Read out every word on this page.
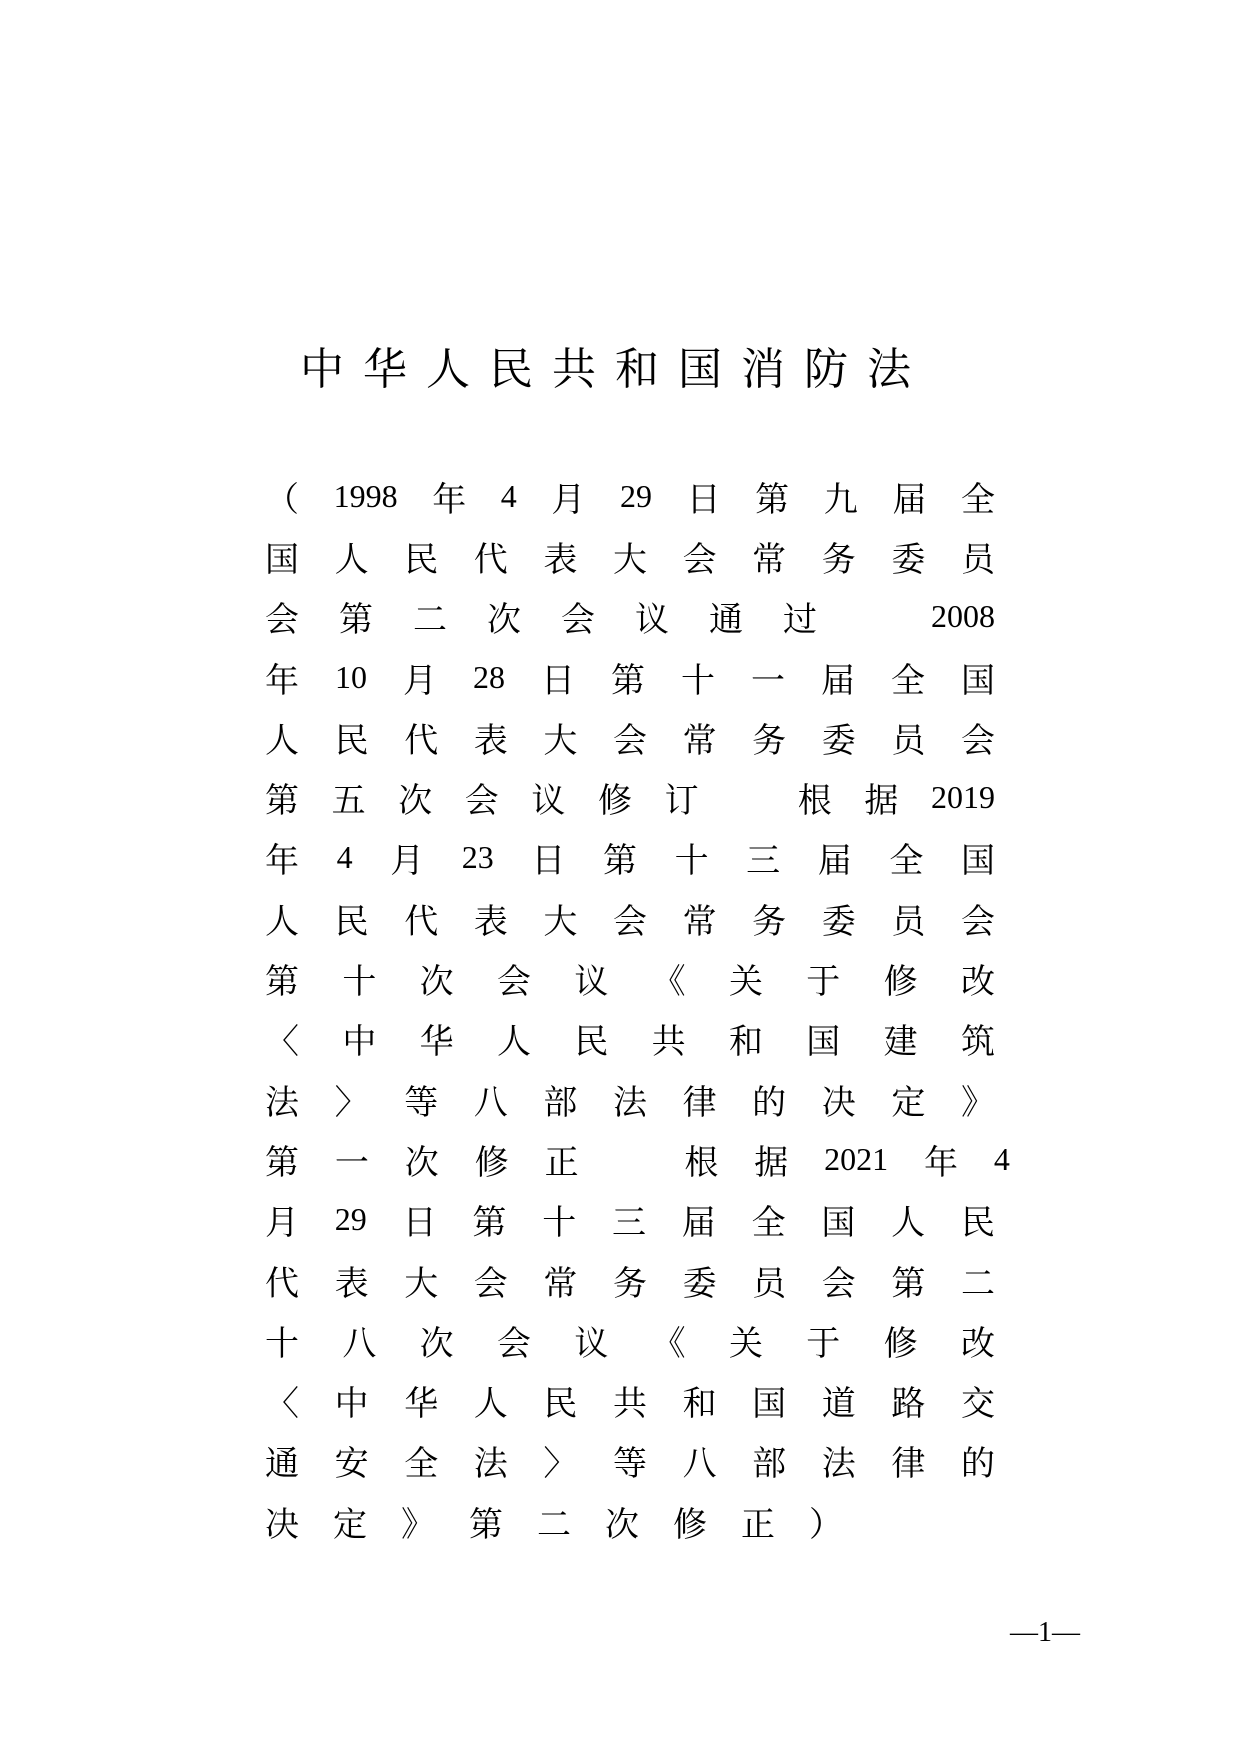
中华人民共和国消防法
（ 1998 年 4 月 29 日 第 九 届 全
国 人 民 代 表 大 会 常 务 委 员
会 第 二 次 会 议 通 过	2008
年 10 月 28 日 第 十 一 届 全 国
人 民 代 表 大 会 常 务 委 员 会
第 五 次 会 议 修 订	根 据 2019
年 4 月 23 日 第 十 三 届 全 国
人 民 代 表 大 会 常 务 委 员 会
第 十 次 会 议 《 关 于 修 改
〈 中 华 人 民 共 和 国 建 筑
法 〉 等 八 部 法 律 的 决 定 》
第 一 次 修 正	根 据 2021 年 4
月 29 日 第 十 三 届 全 国 人 民
代 表 大 会 常 务 委 员 会 第 二
十 八 次 会 议 《 关 于 修 改
〈 中 华 人 民 共 和 国 道 路 交
通 安 全 法 〉 等 八 部 法 律 的
决 定 》 第 二 次 修 正 ）
—1—
